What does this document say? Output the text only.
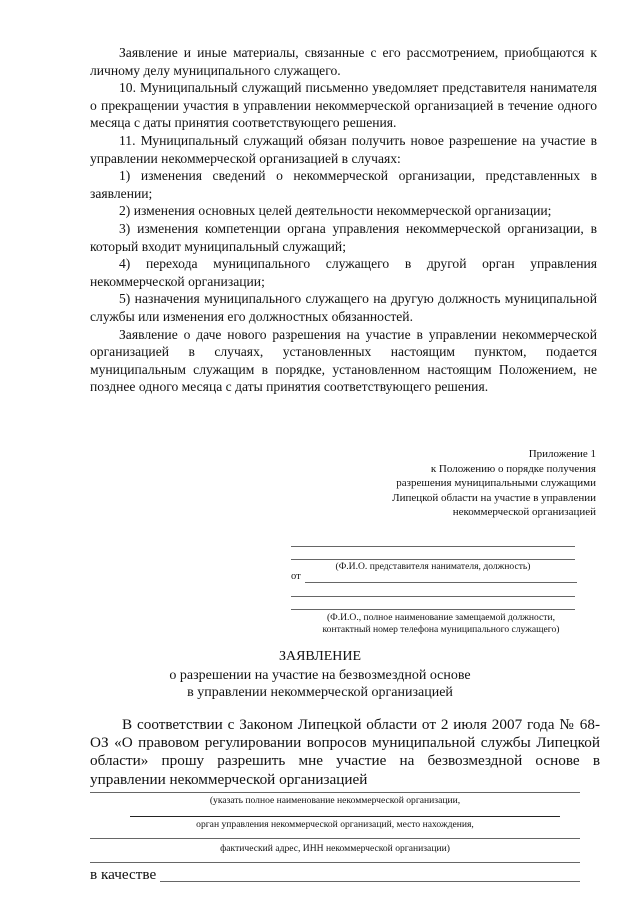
Заявление и иные материалы, связанные с его рассмотрением, приобщаются к личному делу муниципального служащего.

10. Муниципальный служащий письменно уведомляет представителя нанимателя о прекращении участия в управлении некоммерческой организацией в течение одного месяца с даты принятия соответствующего решения.

11. Муниципальный служащий обязан получить новое разрешение на участие в управлении некоммерческой организацией в случаях:

1) изменения сведений о некоммерческой организации, представленных в заявлении;

2) изменения основных целей деятельности некоммерческой организации;

3) изменения компетенции органа управления некоммерческой организации, в который входит муниципальный служащий;

4) перехода муниципального служащего в другой орган управления некоммерческой организации;

5) назначения муниципального служащего на другую должность муниципальной службы или изменения его должностных обязанностей.

Заявление о даче нового разрешения на участие в управлении некоммерческой организацией в случаях, установленных настоящим пунктом, подается муниципальным служащим в порядке, установленном настоящим Положением, не позднее одного месяца с даты принятия соответствующего решения.

Приложение 1
к Положению о порядке получения
разрешения муниципальными служащими
Липецкой области на участие в управлении
некоммерческой организацией
(Ф.И.О. представителя нанимателя, должность)
от
(Ф.И.О., полное наименование замещаемой должности,
контактный номер телефона муниципального служащего)
ЗАЯВЛЕНИЕ
о разрешении на участие на безвозмездной основе
в управлении некоммерческой организацией

В соответствии с Законом Липецкой области от 2 июля 2007 года № 68-ОЗ «О правовом регулировании вопросов муниципальной службы Липецкой области» прошу разрешить мне участие на безвозмездной основе в управлении некоммерческой организацией

(указать полное наименование некоммерческой организации,
орган управления некоммерческой организаций, место нахождения,
фактический адрес, ИНН некоммерческой организации)
в качестве
